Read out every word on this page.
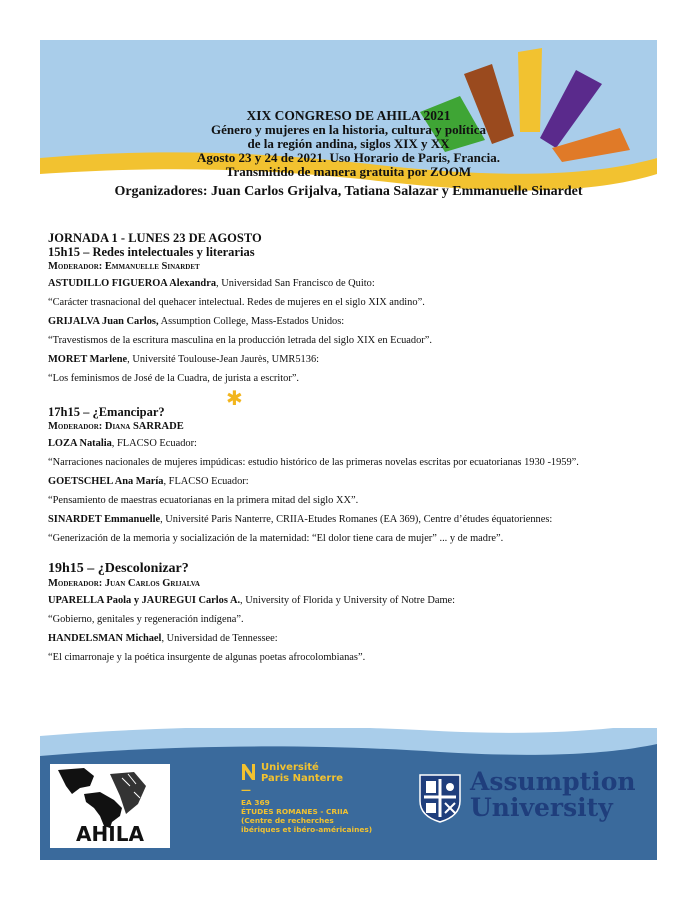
XIX CONGRESO DE AHILA 2021
Género y mujeres en la historia, cultura y política
de la región andina, siglos XIX y XX
Agosto 23 y 24 de 2021. Uso Horario de Paris, Francia.
Transmitido de manera gratuita por ZOOM
Organizadores: Juan Carlos Grijalva, Tatiana Salazar y Emmanuelle Sinardet
JORNADA 1 - LUNES 23 DE AGOSTO
15h15 – Redes intelectuales y literarias
Moderador: Emmanuelle Sinardet
ASTUDILLO FIGUEROA Alexandra, Universidad San Francisco de Quito:
“Carácter trasnacional del quehacer intelectual. Redes de mujeres en el siglo XIX andino”.
GRIJALVA Juan Carlos, Assumption College, Mass-Estados Unidos:
“Travestismos de la escritura masculina en la producción letrada del siglo XIX en Ecuador”.
MORET Marlene, Université Toulouse-Jean Jaurès, UMR5136:
“Los feminismos de José de la Cuadra, de jurista a escritor”.
17h15 – ¿Emancipar?
Moderador: Diana SARRADE
LOZA Natalia, FLACSO Ecuador:
“Narraciones nacionales de mujeres impúdicas: estudio histórico de las primeras novelas escritas por ecuatorianas 1930 -1959”.
GOETSCHEL Ana María, FLACSO Ecuador:
“Pensamiento de maestras ecuatorianas en la primera mitad del siglo XX”.
SINARDET Emmanuelle, Université Paris Nanterre, CRIIA-Etudes Romanes (EA 369), Centre d’études équatoriennes:
“Generización de la memoria y socialización de la maternidad: “El dolor tiene cara de mujer” ... y de madre”.
19h15 – ¿Descolonizar?
Moderador: Juan Carlos Grijalva
UPARELLA Paola y JAUREGUI Carlos A., University of Florida y University of Notre Dame:
“Gobierno, genitales y regeneración indígena”.
HANDELSMAN Michael, Universidad de Tennessee:
“El cimarronaje y la poética insurgente de algunas poetas afrocolombianas”.
✱
AHILA
Université
Paris Nanterre
—
EA 369
ÉTUDES ROMANES - CRIIA
(Centre de recherches
ibériques et ibéro-américaines)
Assumption
University
